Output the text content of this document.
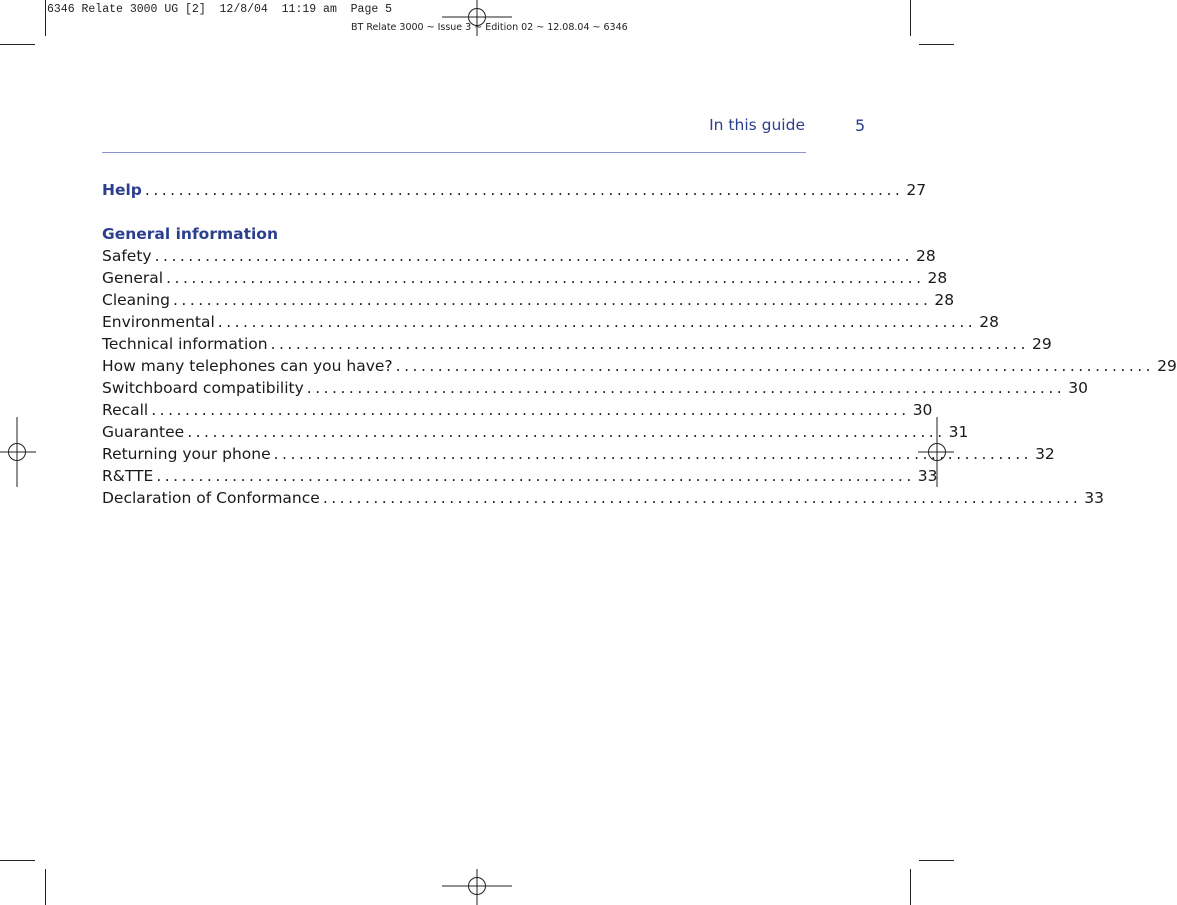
6346 Relate 3000 UG [2]  12/8/04  11:19 am  Page 5
BT Relate 3000 ~ Issue 3 ~ Edition 02 ~ 12.08.04 ~ 6346
In this guide	5
Help .......................................................................................... 27
General information
Safety .......................................................................................... 28
General .......................................................................................... 28
Cleaning .......................................................................................... 28
Environmental .......................................................................................... 28
Technical information .......................................................................................... 29
How many telephones can you have? .......................................................................................... 29
Switchboard compatibility .......................................................................................... 30
Recall .......................................................................................... 30
Guarantee .......................................................................................... 31
Returning your phone .......................................................................................... 32
R&TTE .......................................................................................... 33
Declaration of Conformance .......................................................................................... 33
